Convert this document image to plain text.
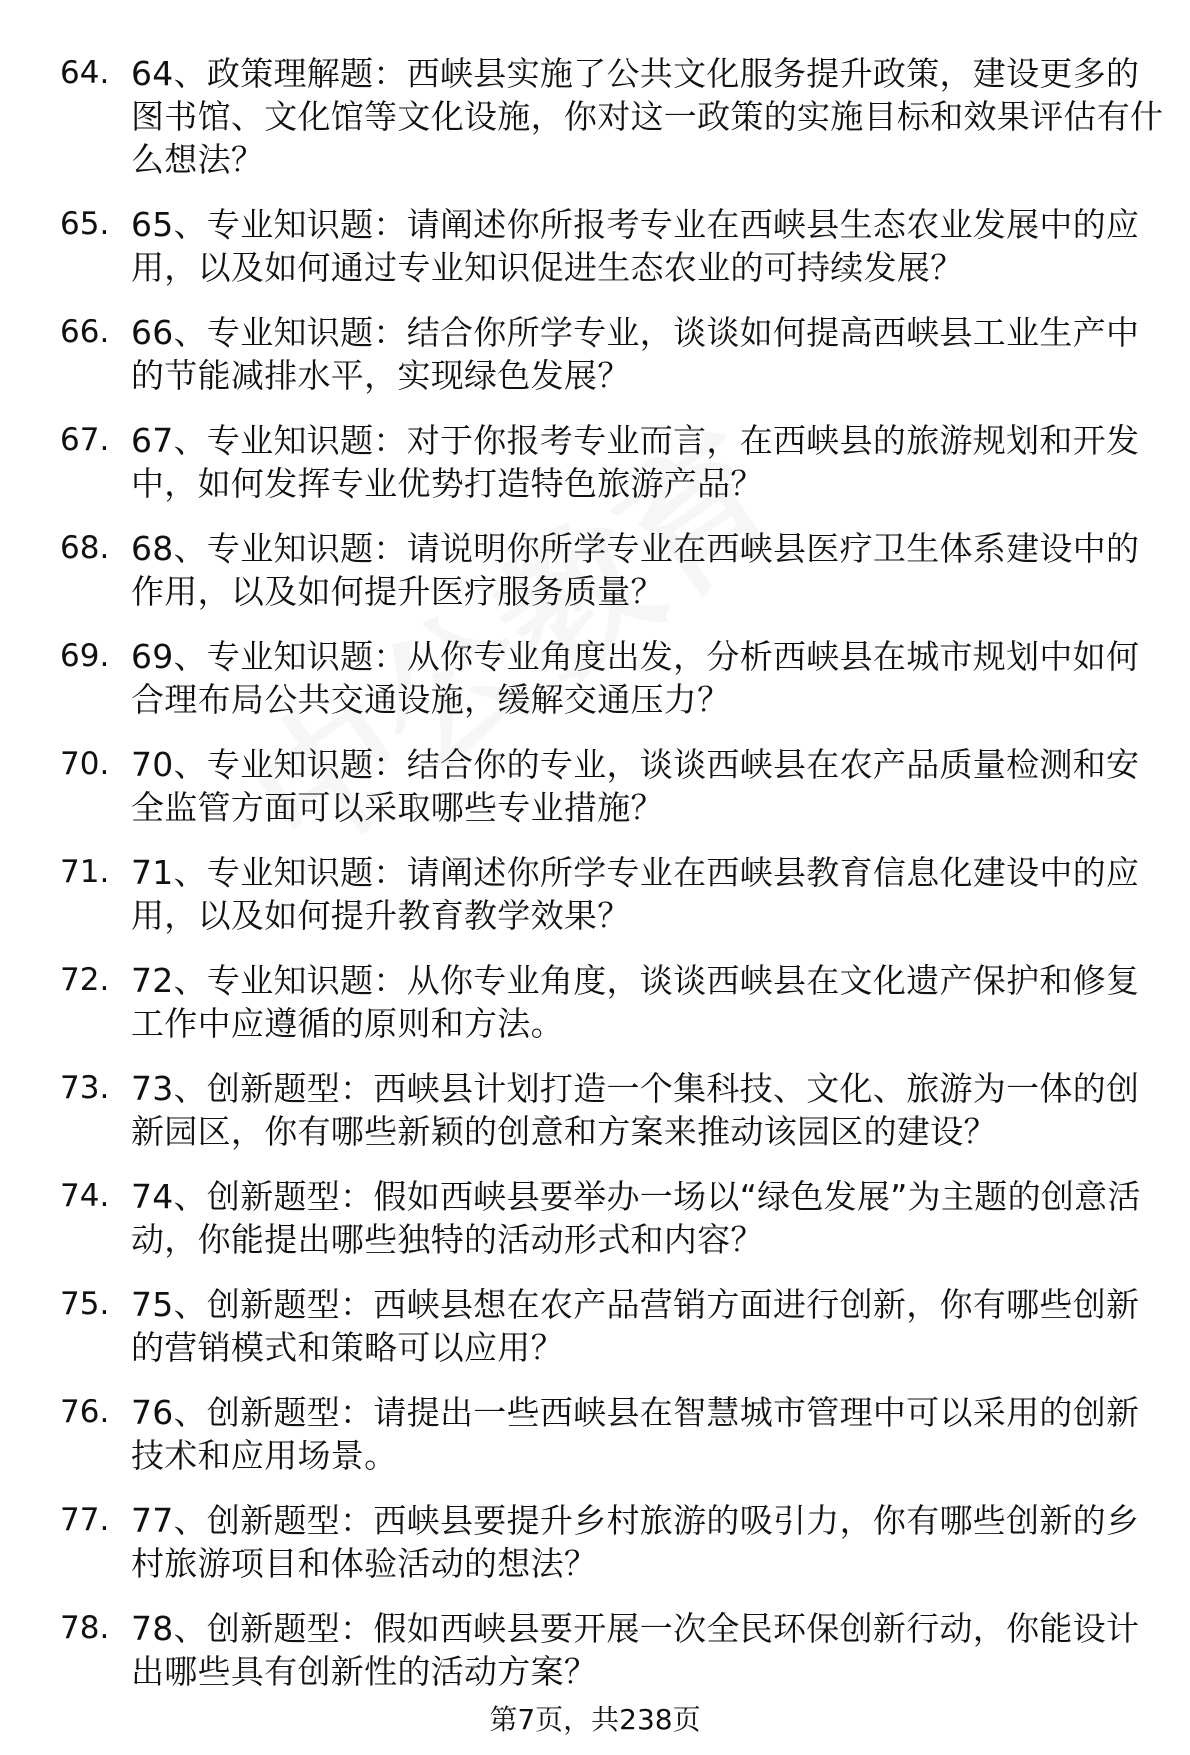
64. 64、政策理解题：西峡县实施了公共文化服务提升政策，建设更多的图书馆、文化馆等文化设施，你对这一政策的实施目标和效果评估有什么想法？
65. 65、专业知识题：请阐述你所报考专业在西峡县生态农业发展中的应用，以及如何通过专业知识促进生态农业的可持续发展？
66. 66、专业知识题：结合你所学专业，谈谈如何提高西峡县工业生产中的节能减排水平，实现绿色发展？
67. 67、专业知识题：对于你报考专业而言，在西峡县的旅游规划和开发中，如何发挥专业优势打造特色旅游产品？
68. 68、专业知识题：请说明你所学专业在西峡县医疗卫生体系建设中的作用，以及如何提升医疗服务质量？
69. 69、专业知识题：从你专业角度出发，分析西峡县在城市规划中如何合理布局公共交通设施，缓解交通压力？
70. 70、专业知识题：结合你的专业，谈谈西峡县在农产品质量检测和安全监管方面可以采取哪些专业措施？
71. 71、专业知识题：请阐述你所学专业在西峡县教育信息化建设中的应用，以及如何提升教育教学效果？
72. 72、专业知识题：从你专业角度，谈谈西峡县在文化遗产保护和修复工作中应遵循的原则和方法。
73. 73、创新题型：西峡县计划打造一个集科技、文化、旅游为一体的创新园区，你有哪些新颖的创意和方案来推动该园区的建设？
74. 74、创新题型：假如西峡县要举办一场以“绿色发展”为主题的创意活动，你能提出哪些独特的活动形式和内容？
75. 75、创新题型：西峡县想在农产品营销方面进行创新，你有哪些创新的营销模式和策略可以应用？
76. 76、创新题型：请提出一些西峡县在智慧城市管理中可以采用的创新技术和应用场景。
77. 77、创新题型：西峡县要提升乡村旅游的吸引力，你有哪些创新的乡村旅游项目和体验活动的想法？
78. 78、创新题型：假如西峡县要开展一次全民环保创新行动，你能设计出哪些具有创新性的活动方案？
第7页，共238页
